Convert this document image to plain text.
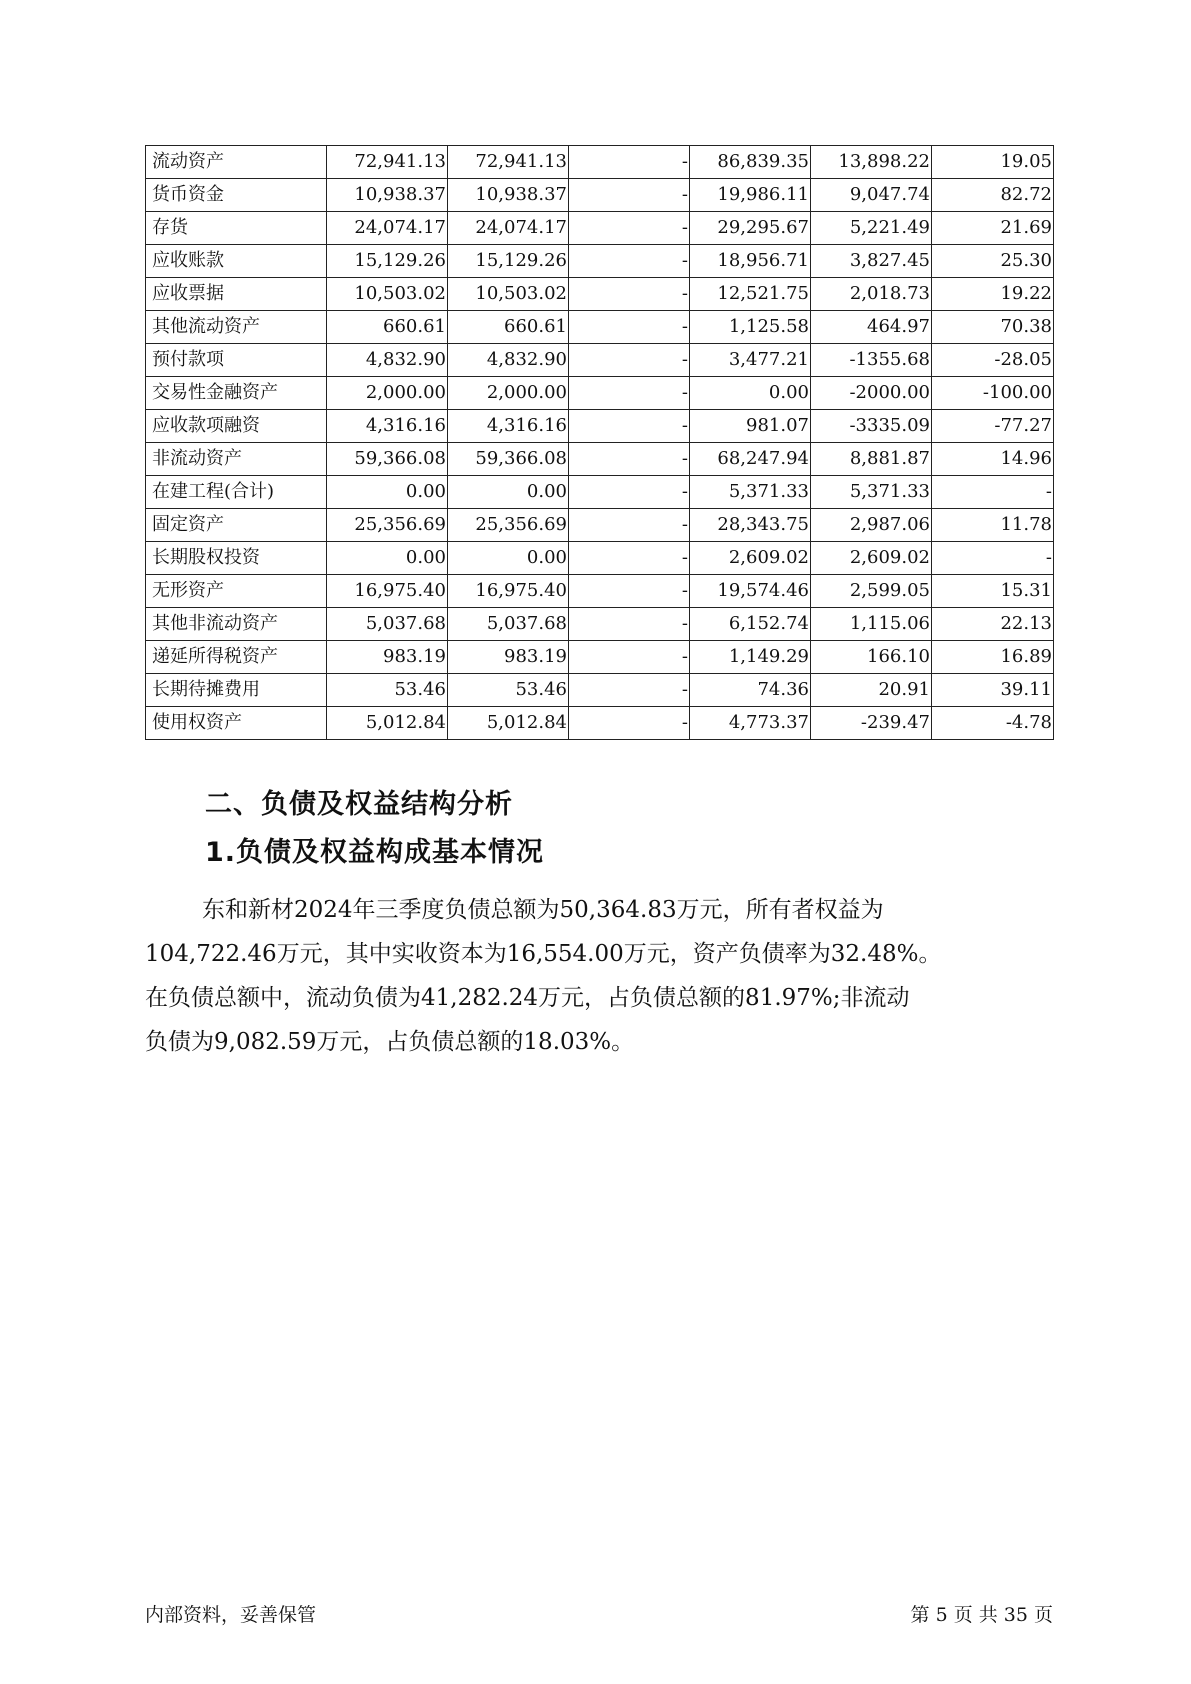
流动资产	72,941.13	72,941.13	-	86,839.35	13,898.22	19.05
货币资金	10,938.37	10,938.37	-	19,986.11	9,047.74	82.72
存货	24,074.17	24,074.17	-	29,295.67	5,221.49	21.69
应收账款	15,129.26	15,129.26	-	18,956.71	3,827.45	25.30
应收票据	10,503.02	10,503.02	-	12,521.75	2,018.73	19.22
其他流动资产	660.61	660.61	-	1,125.58	464.97	70.38
预付款项	4,832.90	4,832.90	-	3,477.21	-1355.68	-28.05
交易性金融资产	2,000.00	2,000.00	-	0.00	-2000.00	-100.00
应收款项融资	4,316.16	4,316.16	-	981.07	-3335.09	-77.27
非流动资产	59,366.08	59,366.08	-	68,247.94	8,881.87	14.96
在建工程(合计)	0.00	0.00	-	5,371.33	5,371.33	-
固定资产	25,356.69	25,356.69	-	28,343.75	2,987.06	11.78
长期股权投资	0.00	0.00	-	2,609.02	2,609.02	-
无形资产	16,975.40	16,975.40	-	19,574.46	2,599.05	15.31
其他非流动资产	5,037.68	5,037.68	-	6,152.74	1,115.06	22.13
递延所得税资产	983.19	983.19	-	1,149.29	166.10	16.89
长期待摊费用	53.46	53.46	-	74.36	20.91	39.11
使用权资产	5,012.84	5,012.84	-	4,773.37	-239.47	-4.78
二、负债及权益结构分析
1.负债及权益构成基本情况

东和新材2024年三季度负债总额为50,364.83万元，所有者权益为
104,722.46万元，其中实收资本为16,554.00万元，资产负债率为32.48%。
在负债总额中，流动负债为41,282.24万元，占负债总额的81.97%;非流动
负债为9,082.59万元，占负债总额的18.03%。

内部资料，妥善保管	第 5 页 共 35 页
